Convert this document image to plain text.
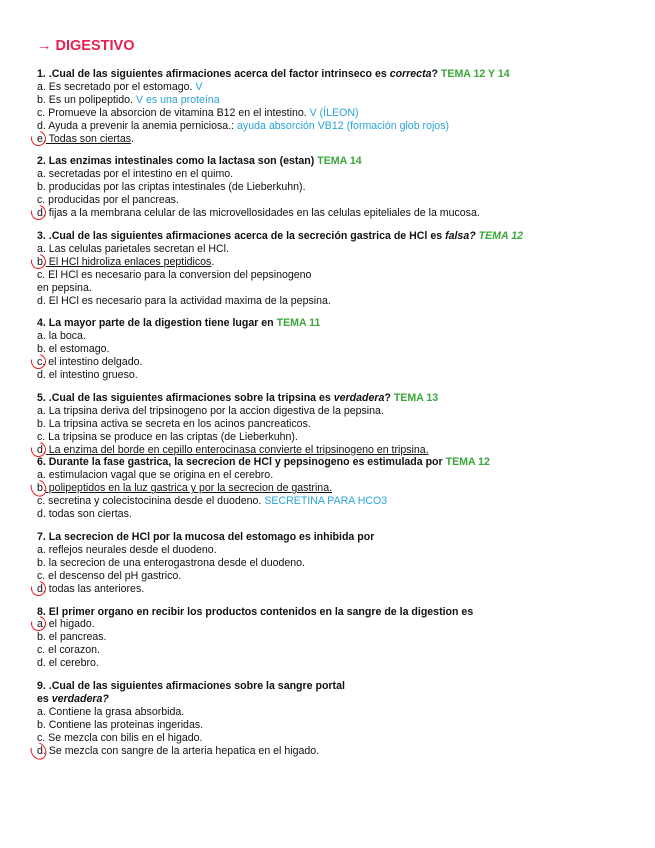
→ DIGESTIVO
1. .Cual de las siguientes afirmaciones acerca del factor intrinseco es correcta? TEMA 12 Y 14
a. Es secretado por el estomago. V
b. Es un polipeptido. V es una proteína
c. Promueve la absorcion de vitamina B12 en el intestino. V (ÍLEON)
d. Ayuda a prevenir la anemia perniciosa.: ayuda absorción VB12 (formación glob rojos)
e. Todas son ciertas.
2. Las enzimas intestinales como la lactasa son (estan) TEMA 14
a. secretadas por el intestino en el quimo.
b. producidas por las criptas intestinales (de Lieberkuhn).
c. producidas por el pancreas.
d. fijas a la membrana celular de las microvellosidades en las celulas epiteliales de la mucosa.
3. .Cual de las siguientes afirmaciones acerca de la secreción gastrica de HCl es falsa? TEMA 12
a. Las celulas parietales secretan el HCl.
b. El HCl hidroliza enlaces peptidicos.
c. El HCl es necesario para la conversion del pepsinogeno
en pepsina.
d. El HCl es necesario para la actividad maxima de la pepsina.
4. La mayor parte de la digestion tiene lugar en TEMA 11
a. la boca.
b. el estomago.
c. el intestino delgado.
d. el intestino grueso.
5. .Cual de las siguientes afirmaciones sobre la tripsina es verdadera? TEMA 13
a. La tripsina deriva del tripsinogeno por la accion digestiva de la pepsina.
b. La tripsina activa se secreta en los acinos pancreaticos.
c. La tripsina se produce en las criptas (de Lieberkuhn).
d. La enzima del borde en cepillo enterocinasa convierte el tripsinogeno en tripsina.
6. Durante la fase gastrica, la secrecion de HCl y pepsinogeno es estimulada por TEMA 12
a. estimulacion vagal que se origina en el cerebro.
b. polipeptidos en la luz gastrica y por la secrecion de gastrina.
c. secretina y colecistocinina desde el duodeno. SECRETINA PARA HCO3
d. todas son ciertas.
7. La secrecion de HCl por la mucosa del estomago es inhibida por
a. reflejos neurales desde el duodeno.
b. la secrecion de una enterogastrona desde el duodeno.
c. el descenso del pH gastrico.
d. todas las anteriores.
8. El primer organo en recibir los productos contenidos en la sangre de la digestion es
a. el higado.
b. el pancreas.
c. el corazon.
d. el cerebro.
9. .Cual de las siguientes afirmaciones sobre la sangre portal
es verdadera?
a. Contiene la grasa absorbida.
b. Contiene las proteinas ingeridas.
c. Se mezcla con bilis en el higado.
d. Se mezcla con sangre de la arteria hepatica en el higado.
